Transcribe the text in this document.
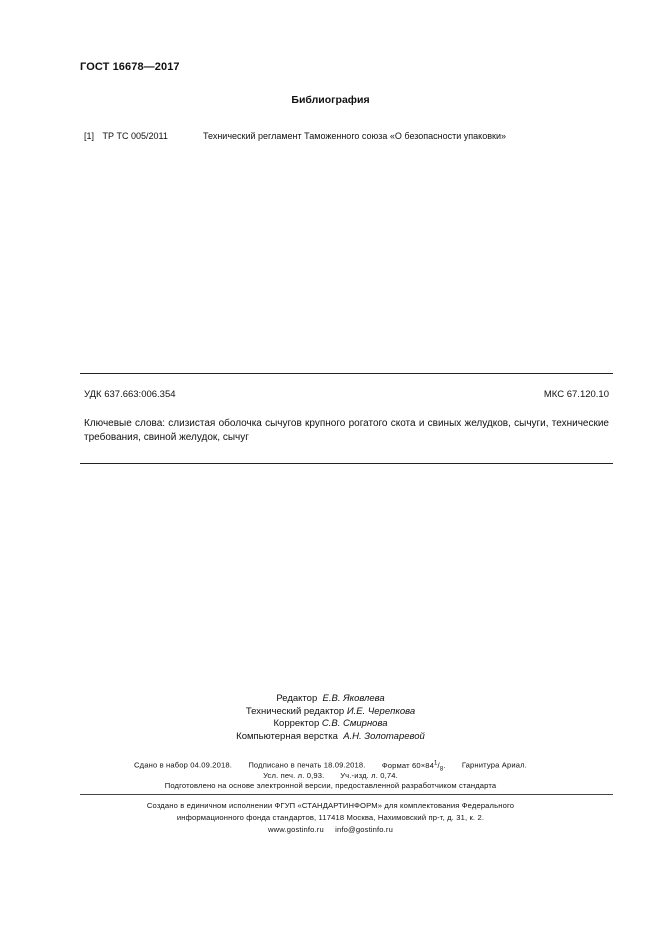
ГОСТ 16678—2017
Библиография
[1] ТР ТС 005/2011	Технический регламент Таможенного союза «О безопасности упаковки»
УДК 637.663:006.354	МКС 67.120.10
Ключевые слова: слизистая оболочка сычугов крупного рогатого скота и свиных желудков, сычуги, технические требования, свиной желудок, сычуг
Редактор Е.В. Яковлева
Технический редактор И.Е. Черепкова
Корректор С.В. Смирнова
Компьютерная верстка А.Н. Золотаревой
Сдано в набор 04.09.2018. Подписано в печать 18.09.2018. Формат $60\times 84^1/_8$. Гарнитура Ариал.
Усл. печ. л. 0,93. Уч.-изд. л. 0,74.
Подготовлено на основе электронной версии, предоставленной разработчиком стандарта
Создано в единичном исполнении ФГУП «СТАНДАРТИНФОРМ» для комплектования Федерального
информационного фонда стандартов, 117418 Москва, Нахимовский пр-т, д. 31, к. 2.
www.gostinfo.ru info@gostinfo.ru
